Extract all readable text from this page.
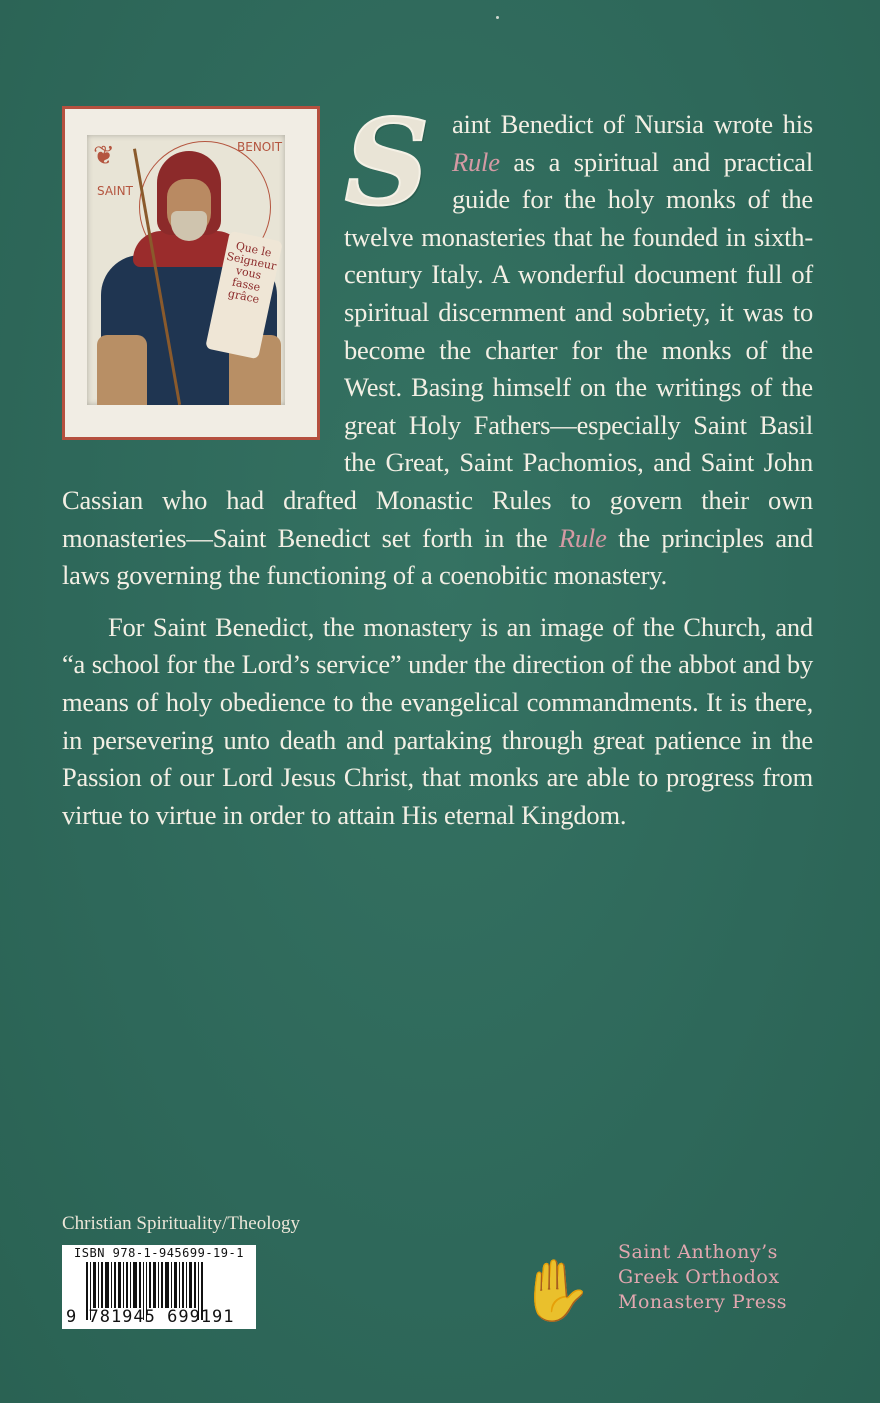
❦	BENOIT
SAINT
Que le Seigneur vous fasse grâce
S aint Benedict of Nursia wrote his Rule as a spiritual and practical guide for the holy monks of the twelve monasteries that he founded in sixth-century Italy. A wonderful document full of spiritual discernment and sobriety, it was to become the charter for the monks of the West. Basing himself on the writings of the great Holy Fathers—especially Saint Basil the Great, Saint Pachomios, and Saint John Cassian who had drafted Monastic Rules to govern their own monasteries—Saint Benedict set forth in the Rule the principles and laws governing the functioning of a coenobitic monastery.
For Saint Benedict, the monastery is an image of the Church, and “a school for the Lord’s service” under the direction of the abbot and by means of holy obedience to the evangelical commandments. It is there, in persevering unto death and partaking through great patience in the Passion of our Lord Jesus Christ, that monks are able to progress from virtue to virtue in order to attain His eternal Kingdom.
Christian Spirituality/Theology
ISBN 978-1-945699-19-1
9 781945 699191	✋
Saint Anthony’s
Greek Orthodox
Monastery Press
